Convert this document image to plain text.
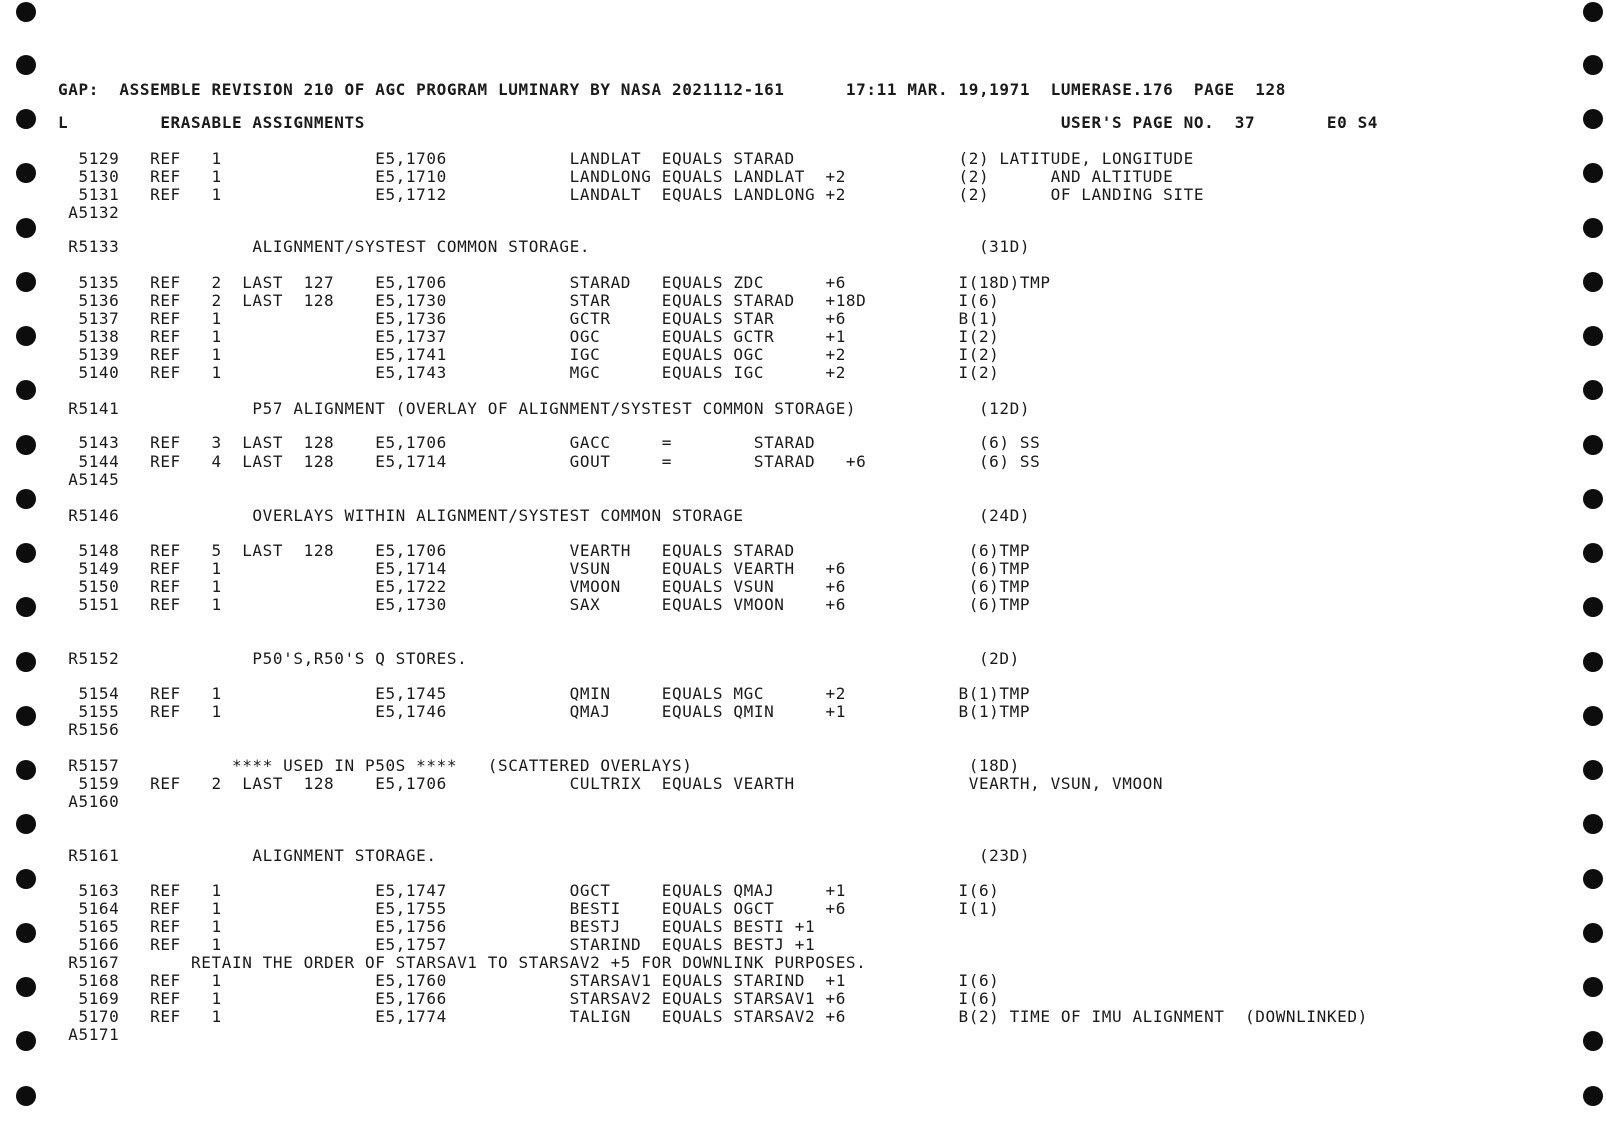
GAP:  ASSEMBLE REVISION 210 OF AGC PROGRAM LUMINARY BY NASA 2021112-161      17:11 MAR. 19,1971  LUMERASE.176  PAGE  128
L         ERASABLE ASSIGNMENTS                                                                    USER'S PAGE NO.  37       E0 S4
5129   REF   1               E5,1706            LANDLAT  EQUALS STARAD                (2) LATITUDE, LONGITUDE
5130   REF   1               E5,1710            LANDLONG EQUALS LANDLAT  +2           (2)      AND ALTITUDE
5131   REF   1               E5,1712            LANDALT  EQUALS LANDLONG +2           (2)      OF LANDING SITE
A5132
R5133             ALIGNMENT/SYSTEST COMMON STORAGE.                                      (31D)
5135   REF   2  LAST  127    E5,1706            STARAD   EQUALS ZDC      +6           I(18D)TMP
5136   REF   2  LAST  128    E5,1730            STAR     EQUALS STARAD   +18D         I(6)
5137   REF   1               E5,1736            GCTR     EQUALS STAR     +6           B(1)
5138   REF   1               E5,1737            OGC      EQUALS GCTR     +1           I(2)
5139   REF   1               E5,1741            IGC      EQUALS OGC      +2           I(2)
5140   REF   1               E5,1743            MGC      EQUALS IGC      +2           I(2)
R5141             P57 ALIGNMENT (OVERLAY OF ALIGNMENT/SYSTEST COMMON STORAGE)            (12D)
5143   REF   3  LAST  128    E5,1706            GACC     =        STARAD                (6) SS
5144   REF   4  LAST  128    E5,1714            GOUT     =        STARAD   +6           (6) SS
A5145
R5146             OVERLAYS WITHIN ALIGNMENT/SYSTEST COMMON STORAGE                       (24D)
5148   REF   5  LAST  128    E5,1706            VEARTH   EQUALS STARAD                 (6)TMP
5149   REF   1               E5,1714            VSUN     EQUALS VEARTH   +6            (6)TMP
5150   REF   1               E5,1722            VMOON    EQUALS VSUN     +6            (6)TMP
5151   REF   1               E5,1730            SAX      EQUALS VMOON    +6            (6)TMP
R5152             P50'S,R50'S Q STORES.                                                  (2D)
5154   REF   1               E5,1745            QMIN     EQUALS MGC      +2           B(1)TMP
5155   REF   1               E5,1746            QMAJ     EQUALS QMIN     +1           B(1)TMP
R5156
R5157           **** USED IN P50S ****   (SCATTERED OVERLAYS)                           (18D)
5159   REF   2  LAST  128    E5,1706            CULTRIX  EQUALS VEARTH                 VEARTH, VSUN, VMOON
A5160
R5161             ALIGNMENT STORAGE.                                                     (23D)
5163   REF   1               E5,1747            OGCT     EQUALS QMAJ     +1           I(6)
5164   REF   1               E5,1755            BESTI    EQUALS OGCT     +6           I(1)
5165   REF   1               E5,1756            BESTJ    EQUALS BESTI +1
5166   REF   1               E5,1757            STARIND  EQUALS BESTJ +1
R5167       RETAIN THE ORDER OF STARSAV1 TO STARSAV2 +5 FOR DOWNLINK PURPOSES.
5168   REF   1               E5,1760            STARSAV1 EQUALS STARIND  +1           I(6)
5169   REF   1               E5,1766            STARSAV2 EQUALS STARSAV1 +6           I(6)
5170   REF   1               E5,1774            TALIGN   EQUALS STARSAV2 +6           B(2) TIME OF IMU ALIGNMENT  (DOWNLINKED)
A5171
